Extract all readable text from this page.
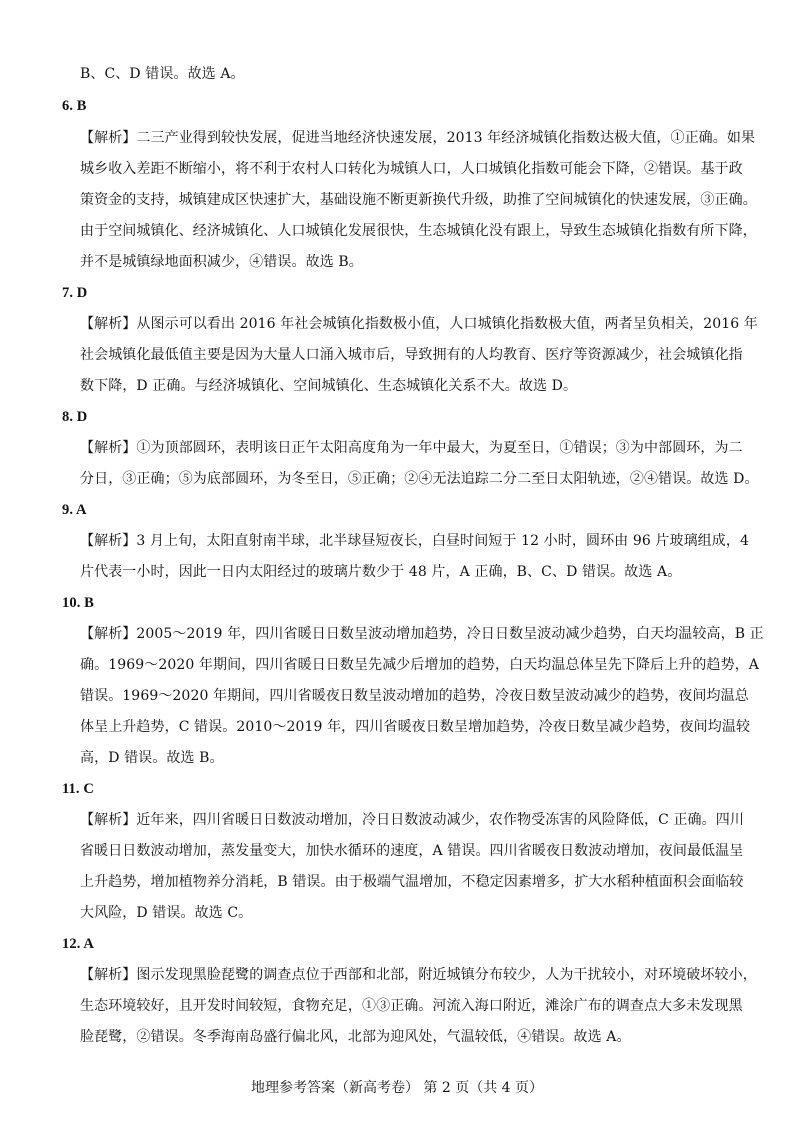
B、C、D 错误。故选 A。
6. B
【解析】二三产业得到较快发展，促进当地经济快速发展，2013 年经济城镇化指数达极大值，①正确。如果
城乡收入差距不断缩小，将不利于农村人口转化为城镇人口，人口城镇化指数可能会下降，②错误。基于政
策资金的支持，城镇建成区快速扩大，基础设施不断更新换代升级，助推了空间城镇化的快速发展，③正确。
由于空间城镇化、经济城镇化、人口城镇化发展很快，生态城镇化没有跟上，导致生态城镇化指数有所下降，
并不是城镇绿地面积减少，④错误。故选 B。
7. D
【解析】从图示可以看出 2016 年社会城镇化指数极小值，人口城镇化指数极大值，两者呈负相关，2016 年
社会城镇化最低值主要是因为大量人口涌入城市后，导致拥有的人均教育、医疗等资源减少，社会城镇化指
数下降，D 正确。与经济城镇化、空间城镇化、生态城镇化关系不大。故选 D。
8. D
【解析】①为顶部圆环，表明该日正午太阳高度角为一年中最大，为夏至日，①错误；③为中部圆环，为二
分日，③正确；⑤为底部圆环，为冬至日，⑤正确；②④无法追踪二分二至日太阳轨迹，②④错误。故选 D。
9. A
【解析】3 月上旬，太阳直射南半球，北半球昼短夜长，白昼时间短于 12 小时，圆环由 96 片玻璃组成，4
片代表一小时，因此一日内太阳经过的玻璃片数少于 48 片，A 正确，B、C、D 错误。故选 A。
10. B
【解析】2005～2019 年，四川省暖日日数呈波动增加趋势，冷日日数呈波动减少趋势，白天均温较高，B 正
确。1969～2020 年期间，四川省暖日日数呈先减少后增加的趋势，白天均温总体呈先下降后上升的趋势，A
错误。1969～2020 年期间，四川省暖夜日数呈波动增加的趋势，冷夜日数呈波动减少的趋势，夜间均温总
体呈上升趋势，C 错误。2010～2019 年，四川省暖夜日数呈增加趋势，冷夜日数呈减少趋势，夜间均温较
高，D 错误。故选 B。
11. C
【解析】近年来，四川省暖日日数波动增加，冷日日数波动减少，农作物受冻害的风险降低，C 正确。四川
省暖日日数波动增加，蒸发量变大，加快水循环的速度，A 错误。四川省暖夜日数波动增加，夜间最低温呈
上升趋势，增加植物养分消耗，B 错误。由于极端气温增加，不稳定因素增多，扩大水稻种植面积会面临较
大风险，D 错误。故选 C。
12. A
【解析】图示发现黑脸琵鹭的调查点位于西部和北部，附近城镇分布较少，人为干扰较小，对环境破坏较小，
生态环境较好，且开发时间较短，食物充足，①③正确。河流入海口附近，滩涂广布的调查点大多未发现黑
脸琵鹭，②错误。冬季海南岛盛行偏北风，北部为迎风处，气温较低，④错误。故选 A。
地理参考答案（新高考卷） 第 2 页（共 4 页）
